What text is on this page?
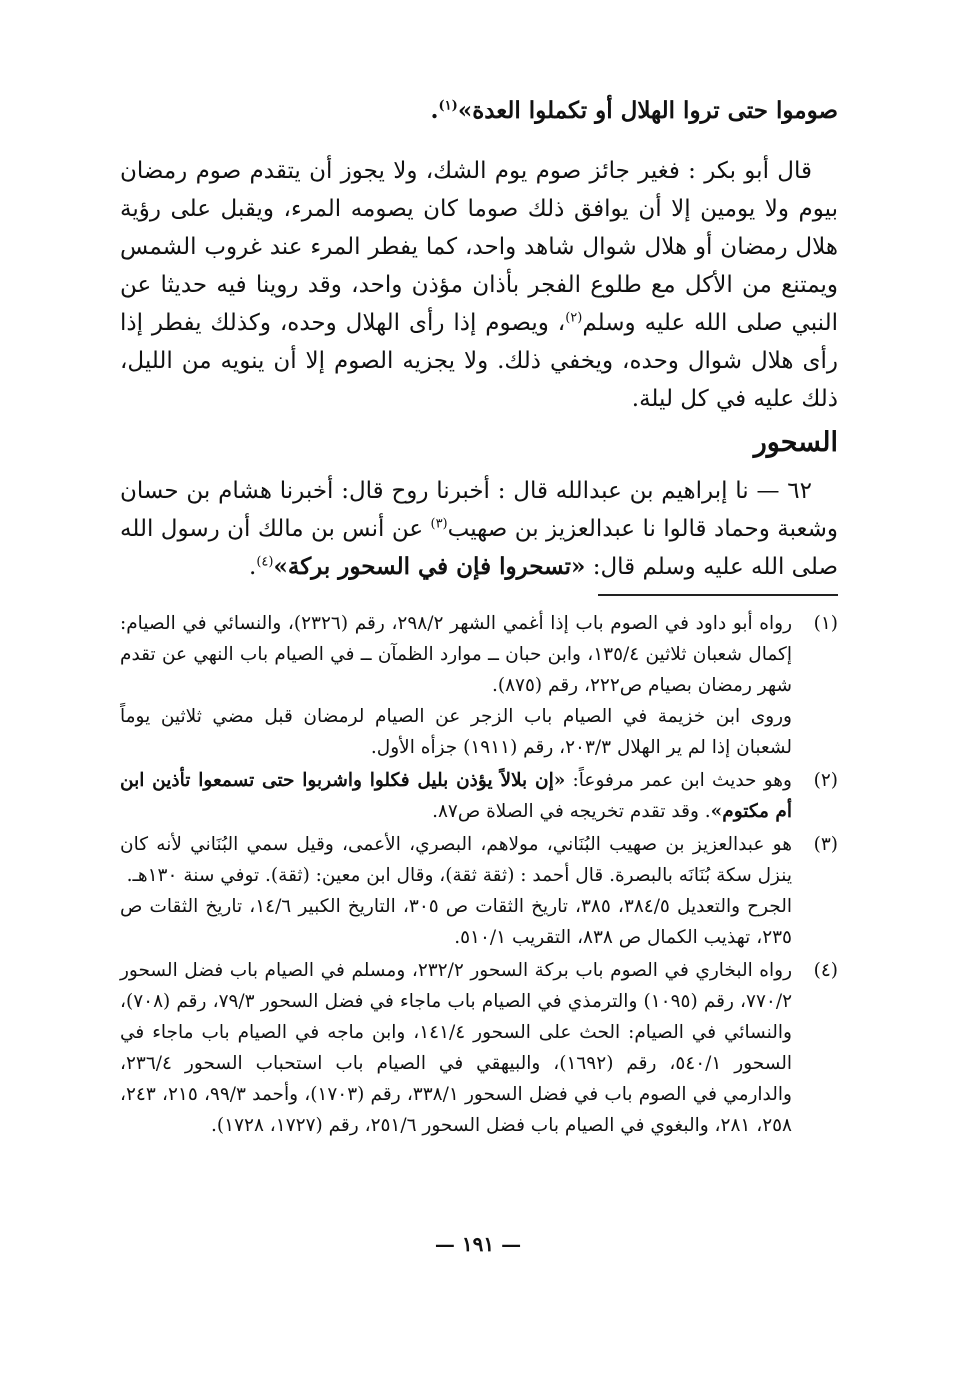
صوموا حتى تروا الهلال أو تكملوا العدة»$^{(١)}$.

قال أبو بكر : فغير جائز صوم يوم الشك، ولا يجوز أن يتقدم صوم رمضان بيوم ولا يومين إلا أن يوافق ذلك صوما كان يصومه المرء، ويقبل على رؤية هلال رمضان أو هلال شوال شاهد واحد، كما يفطر المرء عند غروب الشمس ويمتنع من الأكل مع طلوع الفجر بأذان مؤذن واحد، وقد روينا فيه حديثا عن النبي صلى الله عليه وسلم$^{(٢)}$، ويصوم إذا رأى الهلال وحده، وكذلك يفطر إذا رأى هلال شوال وحده، ويخفي ذلك. ولا يجزيه الصوم إلا أن ينويه من الليل، ذلك عليه في كل ليلة.

السحور

٦٢ — نا إبراهيم بن عبدالله قال : أخبرنا روح قال: أخبرنا هشام بن حسان وشعبة وحماد قالوا نا عبدالعزيز بن صهيب$^{(٣)}$ عن أنس بن مالك أن رسول الله صلى الله عليه وسلم قال: «تسحروا فإن في السحور بركة»$^{(٤)}$.

(١)
رواه أبو داود في الصوم باب إذا أغمي الشهر ٢٩٨/٢، رقم (٢٣٢٦)، والنسائي في الصيام: إكمال شعبان ثلاثين ١٣٥/٤، وابن حبان ــ موارد الظمآن ــ في الصيام باب النهي عن تقدم شهر رمضان بصيام ص٢٢٢، رقم (٨٧٥).
وروى ابن خزيمة في الصيام باب الزجر عن الصيام لرمضان قبل مضي ثلاثين يوماً لشعبان إذا لم ير الهلال ٢٠٣/٣، رقم (١٩١١) جزأه الأول.
(٢)
وهو حديث ابن عمر مرفوعاً: «إن بلالاً يؤذن بليل فكلوا واشربوا حتى تسمعوا تأذين ابن أم مكتوم». وقد تقدم تخريجه في الصلاة ص٨٧.
(٣)
هو عبدالعزيز بن صهيب البُنَاني، مولاهم، البصري، الأعمى، وقيل سمي البُنَاني لأنه كان ينزل سكة بُنَانَه بالبصرة. قال أحمد : (ثقة ثقة)، وقال ابن معين: (ثقة). توفي سنة ١٣٠هـ.
الجرح والتعديل ٣٨٤/٥، ٣٨٥، تاريخ الثقات ص ٣٠٥، التاريخ الكبير ١٤/٦، تاريخ الثقات ص ٢٣٥، تهذيب الكمال ص ٨٣٨، التقريب ٥١٠/١.
(٤)
رواه البخاري في الصوم باب بركة السحور ٢٣٢/٢، ومسلم في الصيام باب فضل السحور ٧٧٠/٢، رقم (١٠٩٥) والترمذي في الصيام باب ماجاء في فضل السحور ٧٩/٣، رقم (٧٠٨)، والنسائي في الصيام: الحث على السحور ١٤١/٤، وابن ماجه في الصيام باب ماجاء في السحور ٥٤٠/١، رقم (١٦٩٢)، والبيهقي في الصيام باب استحباب السحور ٢٣٦/٤، والدارمي في الصوم باب في فضل السحور ٣٣٨/١، رقم (١٧٠٣)، وأحمد ٩٩/٣، ٢١٥، ٢٤٣، ٢٥٨، ٢٨١، والبغوي في الصيام باب فضل السحور ٢٥١/٦، رقم (١٧٢٧، ١٧٢٨).
— ١٩١ —
